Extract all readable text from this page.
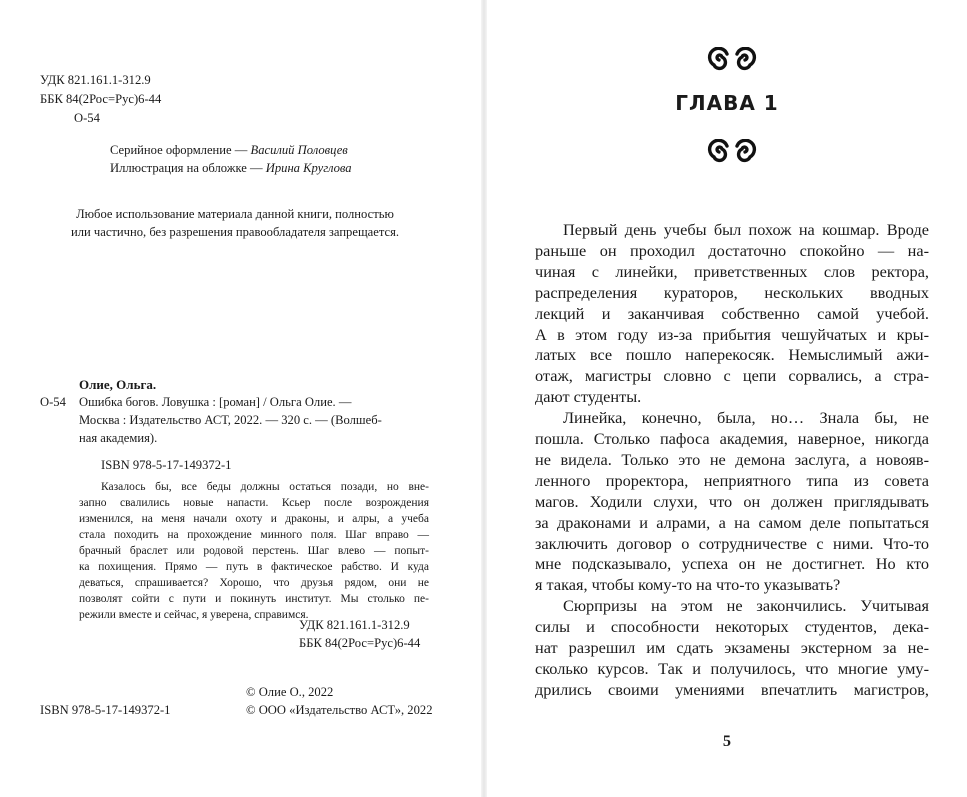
УДК 821.161.1-312.9
ББК 84(2Рос=Рус)6-44
О-54
Серийное оформление — Василий Половцев
Иллюстрация на обложке — Ирина Круглова
Любое использование материала данной книги, полностью
или частично, без разрешения правообладателя запрещается.
Олие, Ольга.
О-54 Ошибка богов. Ловушка : [роман] / Ольга Олие. —
Москва : Издательство АСТ, 2022. — 320 с. — (Волшеб-
ная академия).
ISBN 978-5-17-149372-1
Казалось бы, все беды должны остаться позади, но вне-
запно свалились новые напасти. Ксьер после возрождения
изменился, на меня начали охоту и драконы, и алры, а учеба
стала походить на прохождение минного поля. Шаг вправо —
брачный браслет или родовой перстень. Шаг влево — попыт-
ка похищения. Прямо — путь в фактическое рабство. И куда
деваться, спрашивается? Хорошо, что друзья рядом, они не
позволят сойти с пути и покинуть институт. Мы столько пе-
режили вместе и сейчас, я уверена, справимся.
УДК 821.161.1-312.9
ББК 84(2Рос=Рус)6-44
© Олие О., 2022
ISBN 978-5-17-149372-1	© ООО «Издательство АСТ», 2022
ГЛАВА 1
Первый день учебы был похож на кошмар. Вроде
раньше он проходил достаточно спокойно — на-
чиная с линейки, приветственных слов ректора,
распределения кураторов, нескольких вводных
лекций и заканчивая собственно самой учебой.
А в этом году из-за прибытия чешуйчатых и кры-
латых все пошло наперекосяк. Немыслимый ажи-
отаж, магистры словно с цепи сорвались, а стра-
дают студенты.
Линейка, конечно, была, но… Знала бы, не
пошла. Столько пафоса академия, наверное, никогда
не видела. Только это не демона заслуга, а новояв-
ленного проректора, неприятного типа из совета
магов. Ходили слухи, что он должен приглядывать
за драконами и алрами, а на самом деле попытаться
заключить договор о сотрудничестве с ними. Что-то
мне подсказывало, успеха он не достигнет. Но кто
я такая, чтобы кому-то на что-то указывать?
Сюрпризы на этом не закончились. Учитывая
силы и способности некоторых студентов, дека-
нат разрешил им сдать экзамены экстерном за не-
сколько курсов. Так и получилось, что многие уму-
дрились своими умениями впечатлить магистров,
5
